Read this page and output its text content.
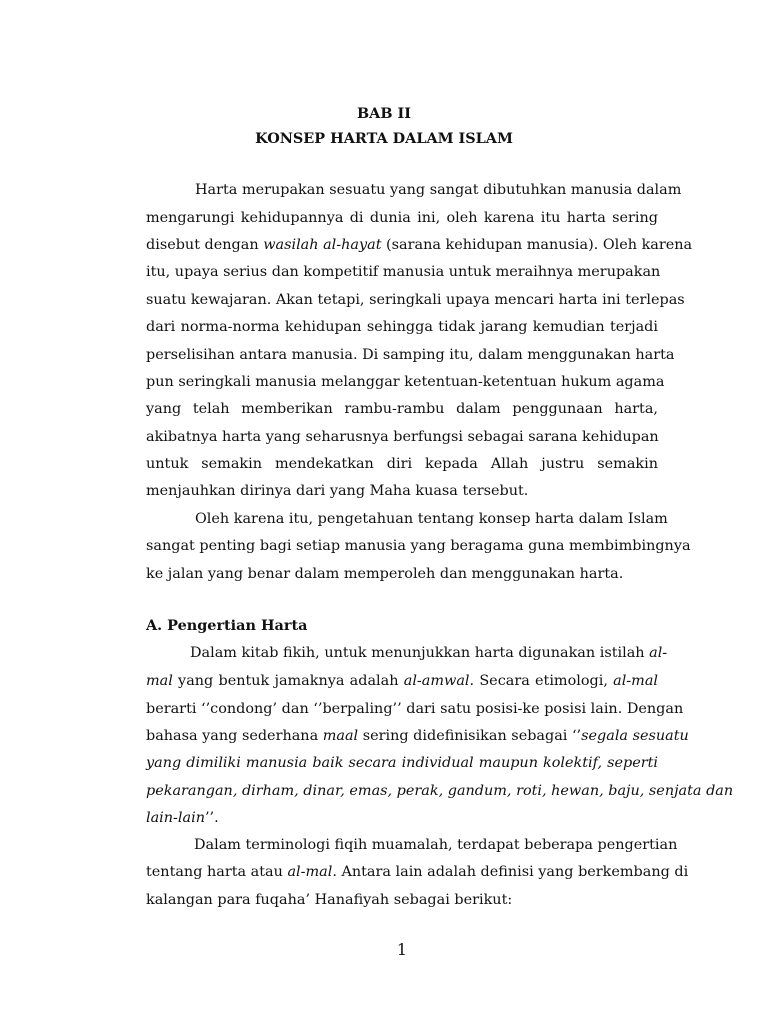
BAB II
KONSEP HARTA DALAM ISLAM
Harta merupakan sesuatu yang sangat dibutuhkan manusia dalam
mengarungi kehidupannya di dunia ini, oleh karena itu harta sering
disebut dengan wasilah al-hayat (sarana kehidupan manusia). Oleh karena
itu, upaya serius dan kompetitif manusia untuk meraihnya merupakan
suatu kewajaran. Akan tetapi, seringkali upaya mencari harta ini terlepas
dari norma-norma kehidupan sehingga tidak jarang kemudian terjadi
perselisihan antara manusia. Di samping itu, dalam menggunakan harta
pun seringkali manusia melanggar ketentuan-ketentuan hukum agama
yang telah memberikan rambu-rambu dalam penggunaan harta,
akibatnya harta yang seharusnya berfungsi sebagai sarana kehidupan
untuk semakin mendekatkan diri kepada Allah justru semakin
menjauhkan dirinya dari yang Maha kuasa tersebut.
Oleh karena itu, pengetahuan tentang konsep harta dalam Islam
sangat penting bagi setiap manusia yang beragama guna membimbingnya
ke jalan yang benar dalam memperoleh dan menggunakan harta.
A. Pengertian Harta
Dalam kitab fikih, untuk menunjukkan harta digunakan istilah al-
mal yang bentuk jamaknya adalah al-amwal. Secara etimologi, al-mal
berarti ‘’condong’ dan ‘’berpaling’’ dari satu posisi-ke posisi lain. Dengan
bahasa yang sederhana maal sering didefinisikan sebagai ‘’segala sesuatu
yang dimiliki manusia baik secara individual maupun kolektif, seperti
pekarangan, dirham, dinar, emas, perak, gandum, roti, hewan, baju, senjata dan
lain-lain’’.
Dalam terminologi fiqih muamalah, terdapat beberapa pengertian
tentang harta atau al-mal. Antara lain adalah definisi yang berkembang di
kalangan para fuqaha’ Hanafiyah sebagai berikut:
1
